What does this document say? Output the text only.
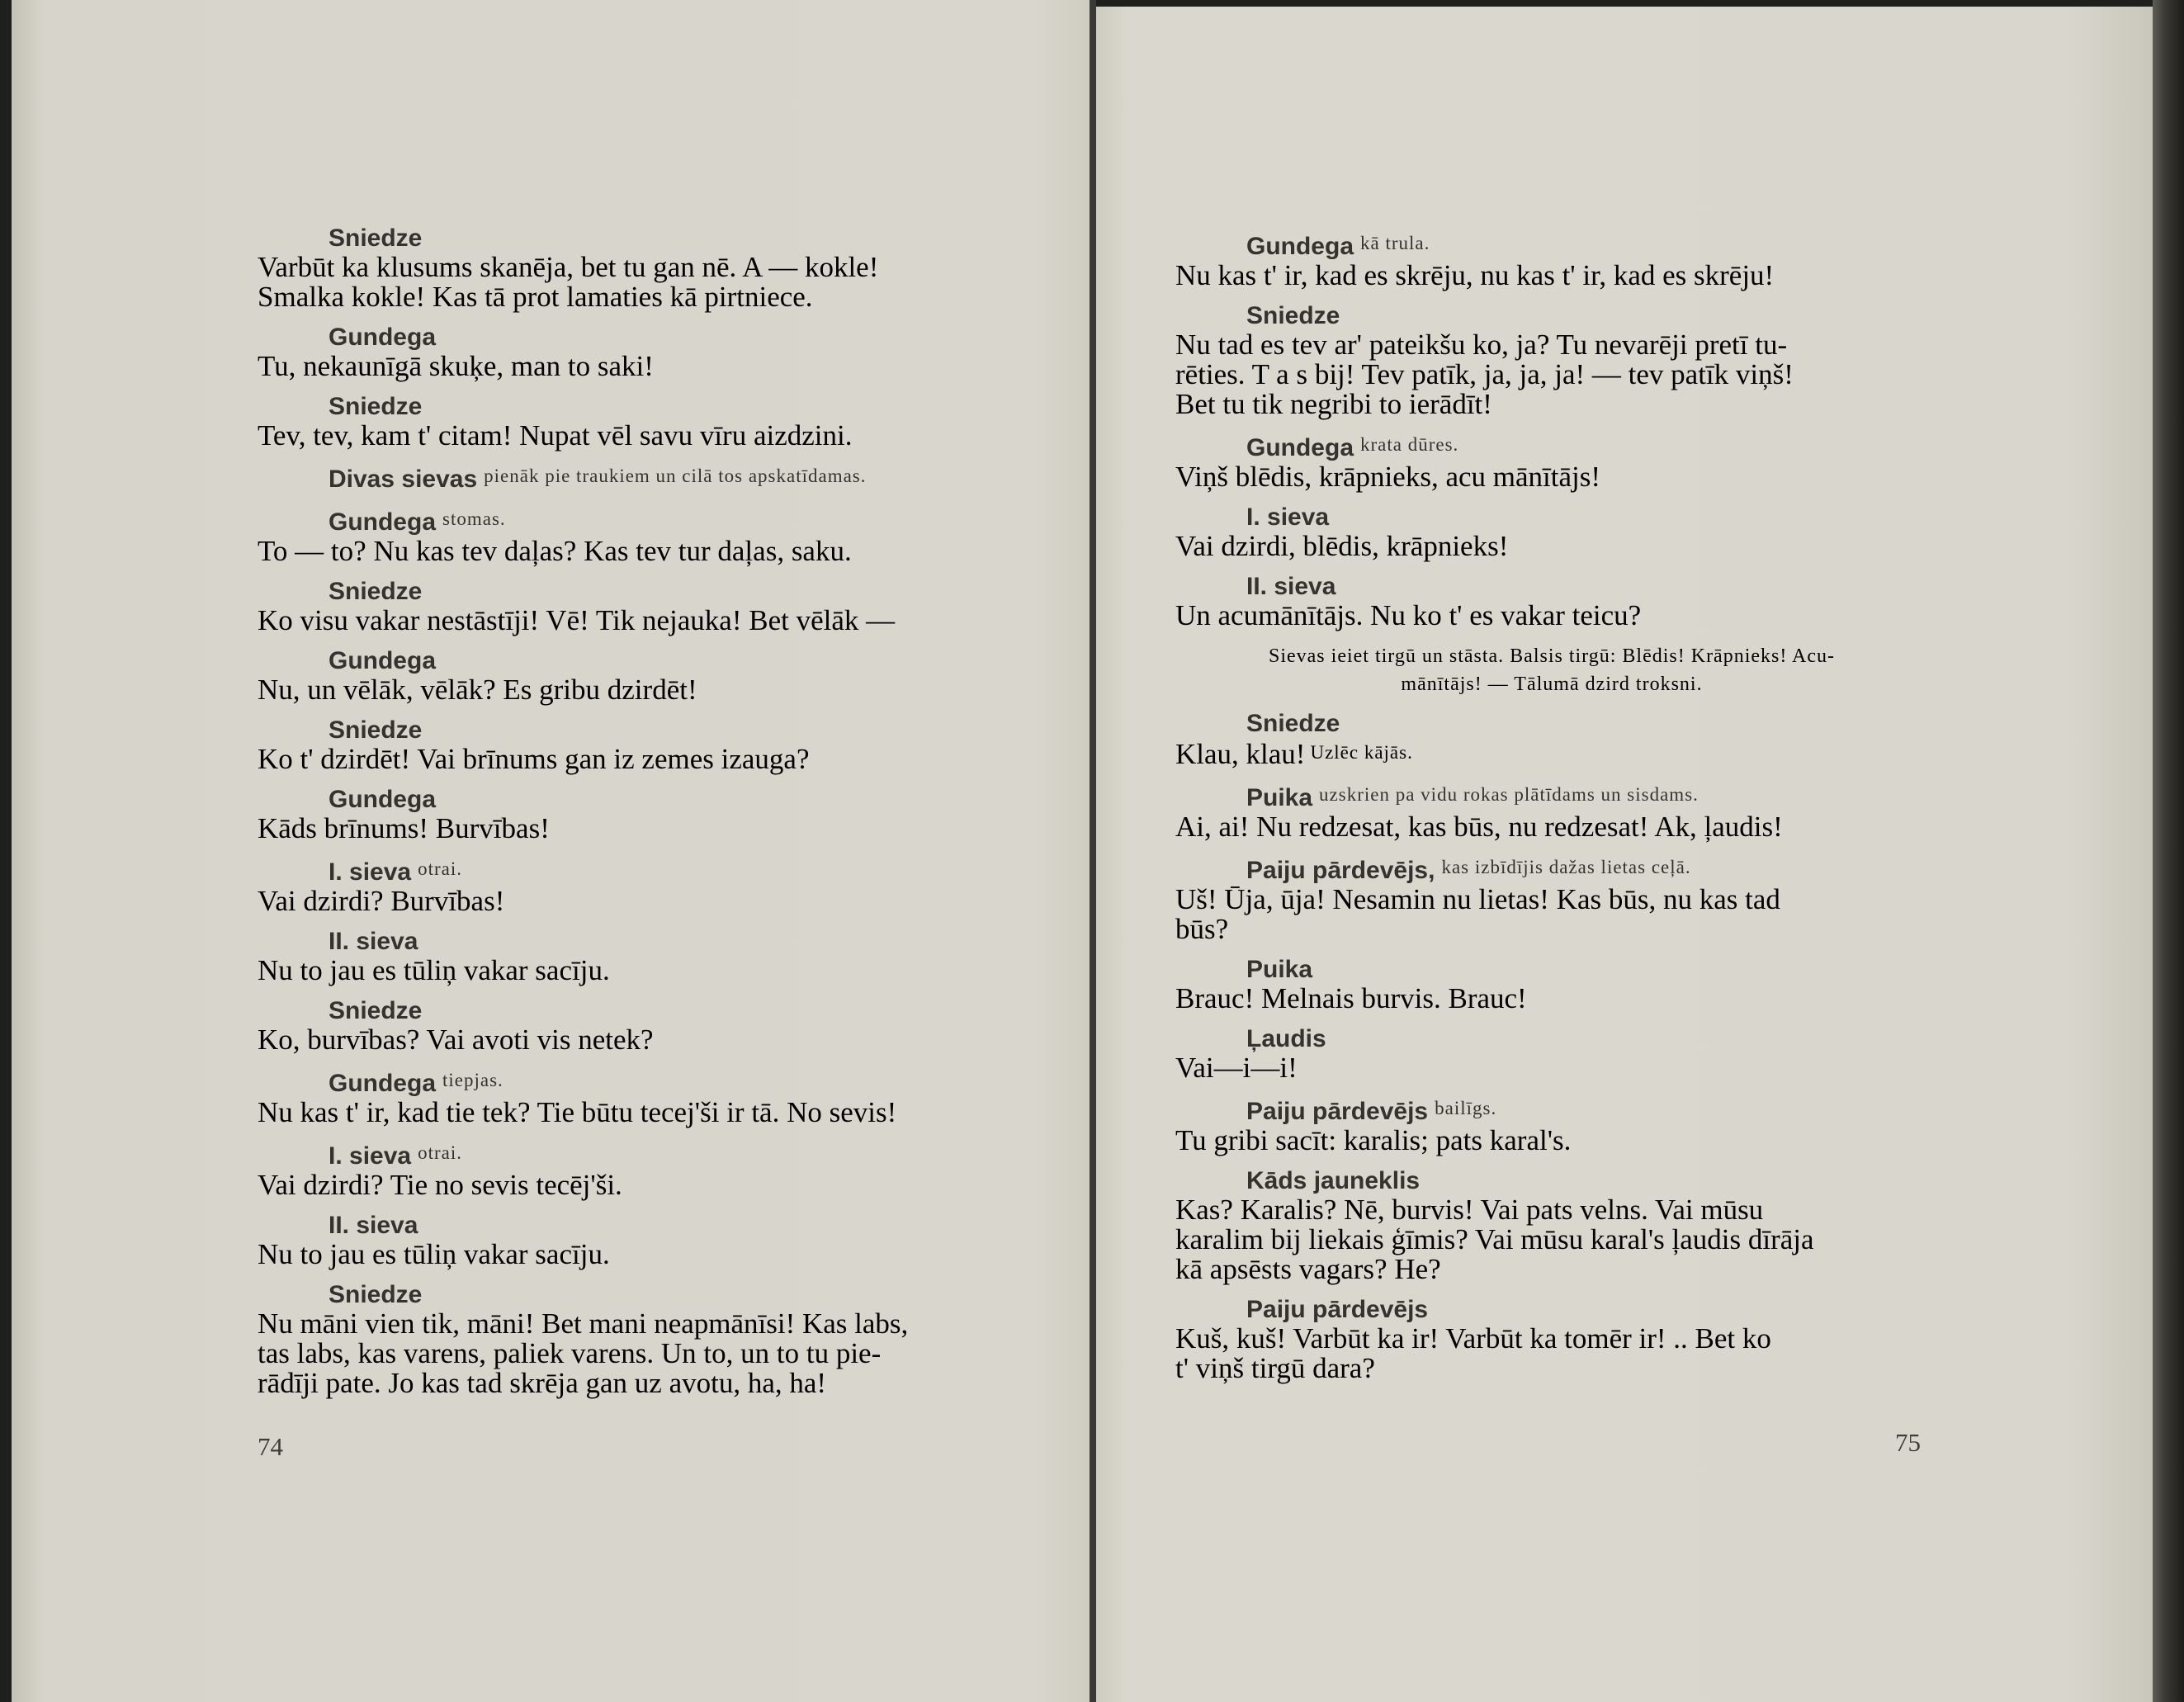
Sniedze
Varbūt ka klusums skanēja, bet tu gan nē. A — kokle!
Smalka kokle! Kas tā prot lamaties kā pirtniece.
Gundega
Tu, nekaunīgā skuķe, man to saki!
Sniedze
Tev, tev, kam t' citam! Nupat vēl savu vīru aizdzini.
Divas sievas $^{pienāk pie traukiem un cilā tos apskatīdamas.}$
Gundega $^{stomas.}$
To — to? Nu kas tev daļas? Kas tev tur daļas, saku.
Sniedze
Ko visu vakar nestāstīji! Vē! Tik nejauka! Bet vēlāk —
Gundega
Nu, un vēlāk, vēlāk? Es gribu dzirdēt!
Sniedze
Ko t' dzirdēt! Vai brīnums gan iz zemes izauga?
Gundega
Kāds brīnums! Burvības!
I. sieva $^{otrai.}$
Vai dzirdi? Burvības!
II. sieva
Nu to jau es tūliņ vakar sacīju.
Sniedze
Ko, burvības? Vai avoti vis netek?
Gundega $^{tiepjas.}$
Nu kas t' ir, kad tie tek? Tie būtu tecej'ši ir tā. No sevis!
I. sieva $^{otrai.}$
Vai dzirdi? Tie no sevis tecēj'ši.
II. sieva
Nu to jau es tūliņ vakar sacīju.
Sniedze
Nu māni vien tik, māni! Bet mani neapmānīsi! Kas labs,
tas labs, kas varens, paliek varens. Un to, un to tu pie-
rādīji pate. Jo kas tad skrēja gan uz avotu, ha, ha!
Gundega $^{kā trula.}$
Nu kas t' ir, kad es skrēju, nu kas t' ir, kad es skrēju!
Sniedze
Nu tad es tev ar' pateikšu ko, ja? Tu nevarēji pretī tu-
rēties. T a s bij! Tev patīk, ja, ja, ja! — tev patīk viņš!
Bet tu tik negribi to ierādīt!
Gundega $^{krata dūres.}$
Viņš blēdis, krāpnieks, acu mānītājs!
I. sieva
Vai dzirdi, blēdis, krāpnieks!
II. sieva
Un acumānītājs. Nu ko t' es vakar teicu?
Sievas ieiet tirgū un stāsta. Balsis tirgū: Blēdis! Krāpnieks! Acu-
mānītājs! — Tālumā dzird troksni.
Sniedze
Klau, klau! Uzlēc kājās.
Puika $^{uzskrien pa vidu rokas plātīdams un sisdams.}$
Ai, ai! Nu redzesat, kas būs, nu redzesat! Ak, ļaudis!
Paiju pārdevējs, $^{kas izbīdījis dažas lietas ceļā.}$
Uš! Ūja, ūja! Nesamin nu lietas! Kas būs, nu kas tad
būs?
Puika
Brauc! Melnais burvis. Brauc!
Ļaudis
Vai—i—i!
Paiju pārdevējs $^{bailīgs.}$
Tu gribi sacīt: karalis; pats karal's.
Kāds jauneklis
Kas? Karalis? Nē, burvis! Vai pats velns. Vai mūsu
karalim bij liekais ģīmis? Vai mūsu karal's ļaudis dīrāja
kā apsēsts vagars? He?
Paiju pārdevējs
Kuš, kuš! Varbūt ka ir! Varbūt ka tomēr ir! .. Bet ko
t' viņš tirgū dara?
74	75
